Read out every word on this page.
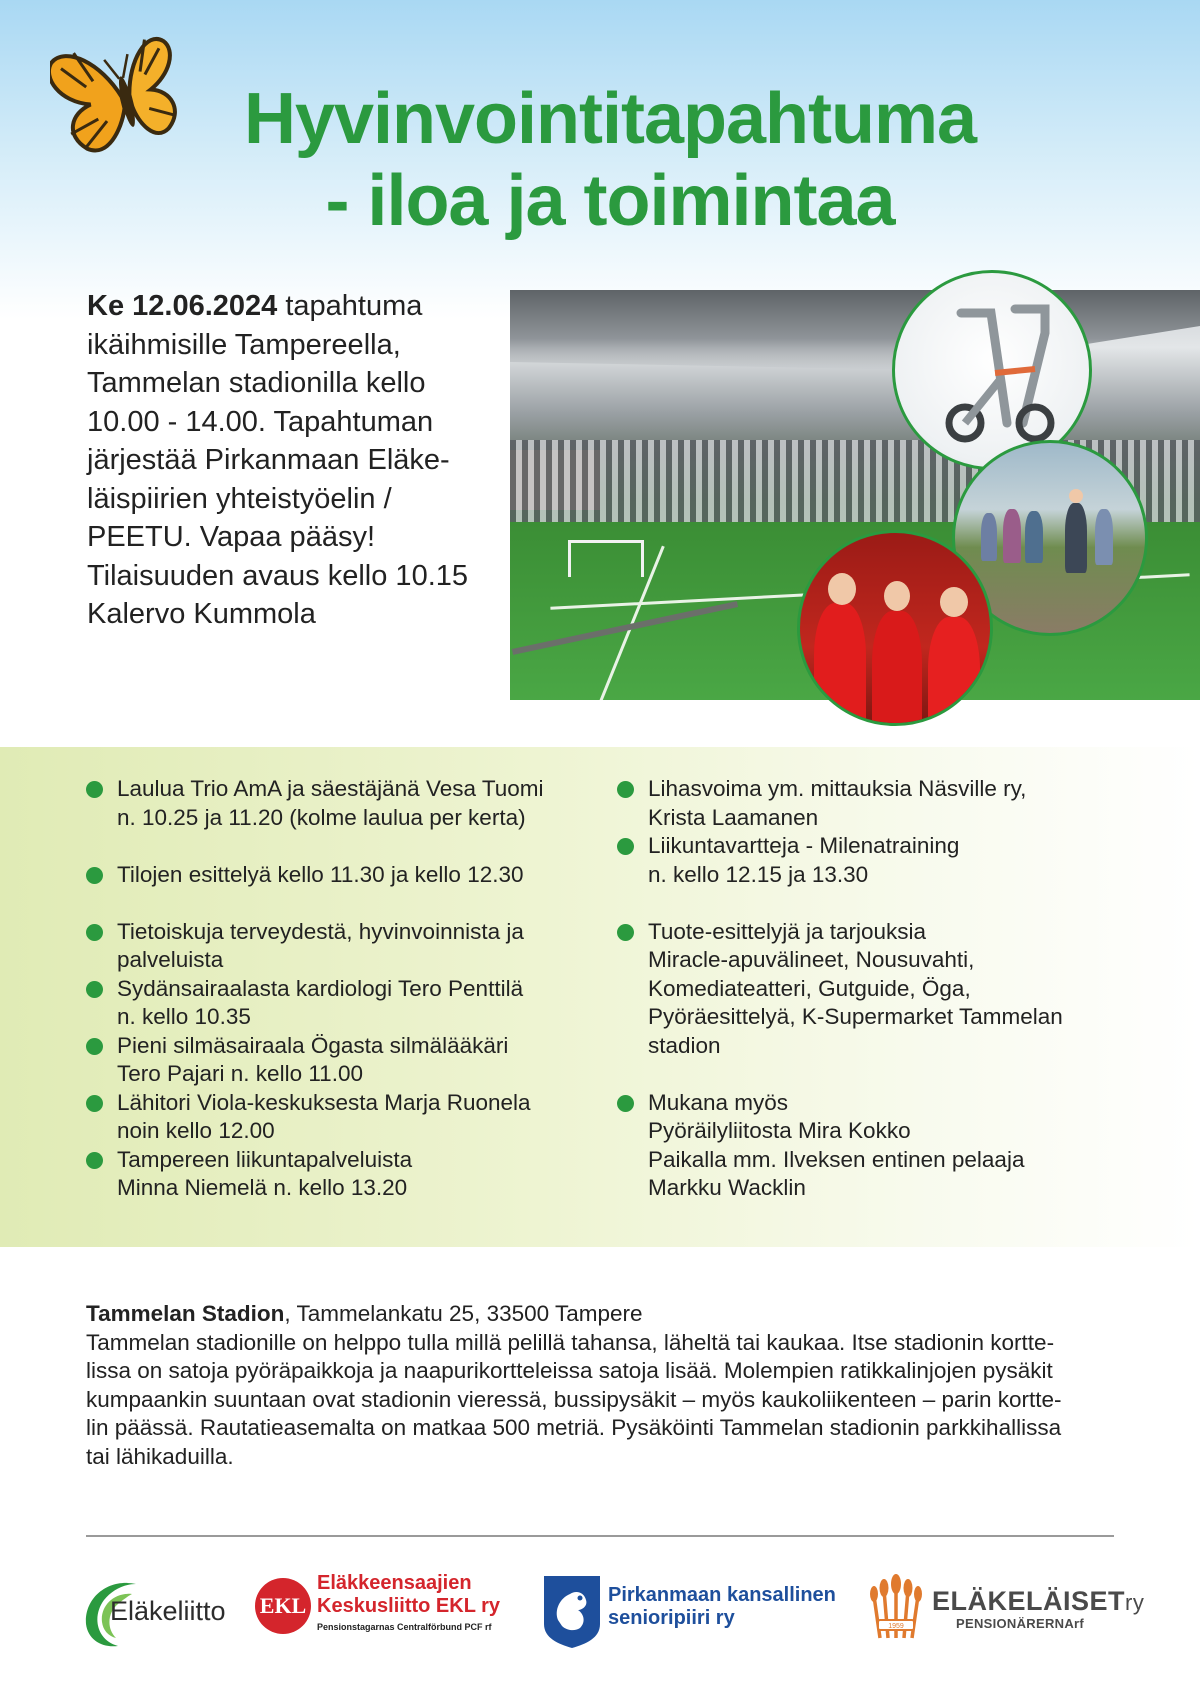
Hyvinvointitapahtuma
- iloa ja toimintaa
Ke 12.06.2024 tapahtuma
ikäihmisille Tampereella,
Tammelan stadionilla kello
10.00 - 14.00. Tapahtuman
järjestää Pirkanmaan Eläke-
läispiirien yhteistyöelin /
PEETU. Vapaa pääsy!
Tilaisuuden avaus kello 10.15
Kalervo Kummola
Laulua Trio AmA ja säestäjänä Vesa Tuomi
n. 10.25 ja 11.20 (kolme laulua per kerta)
Tilojen esittelyä kello 11.30 ja kello 12.30
Tietoiskuja terveydestä, hyvinvoinnista ja
palveluista
Sydänsairaalasta kardiologi Tero Penttilä
n. kello 10.35
Pieni silmäsairaala Ögasta silmälääkäri
Tero Pajari n. kello 11.00
Lähitori Viola-keskuksesta Marja Ruonela
noin kello 12.00
Tampereen liikuntapalveluista
Minna Niemelä n. kello 13.20
Lihasvoima ym. mittauksia Näsville ry,
Krista Laamanen
Liikuntavartteja - Milenatraining
n. kello 12.15 ja 13.30
Tuote-esittelyjä ja tarjouksia
Miracle-apuvälineet, Nousuvahti,
Komediateatteri, Gutguide, Öga,
Pyöräesittelyä, K-Supermarket Tammelan
stadion
Mukana myös
Pyöräilyliitosta Mira Kokko
Paikalla mm. Ilveksen entinen pelaaja
Markku Wacklin
Tammelan Stadion, Tammelankatu 25, 33500 Tampere
Tammelan stadionille on helppo tulla millä pelillä tahansa, läheltä tai kaukaa. Itse stadionin kortte-
lissa on satoja pyöräpaikkoja ja naapurikortteleissa satoja lisää. Molempien ratikkalinjojen pysäkit
kumpaankin suuntaan ovat stadionin vieressä, bussipysäkit – myös kaukoliikenteen – parin kortte-
lin päässä. Rautatieasemalta on matkaa 500 metriä. Pysäköinti Tammelan stadionin parkkihallissa
tai lähikaduilla.
Eläkeliitto EKL
Eläkkeensaajien
Keskusliitto EKL ry
Pensionstagarnas Centralförbund PCF rf
Pirkanmaan kansallinen
senioripiiri ry	1959
ELÄKELÄISETry
PENSIONÄRERNArf
